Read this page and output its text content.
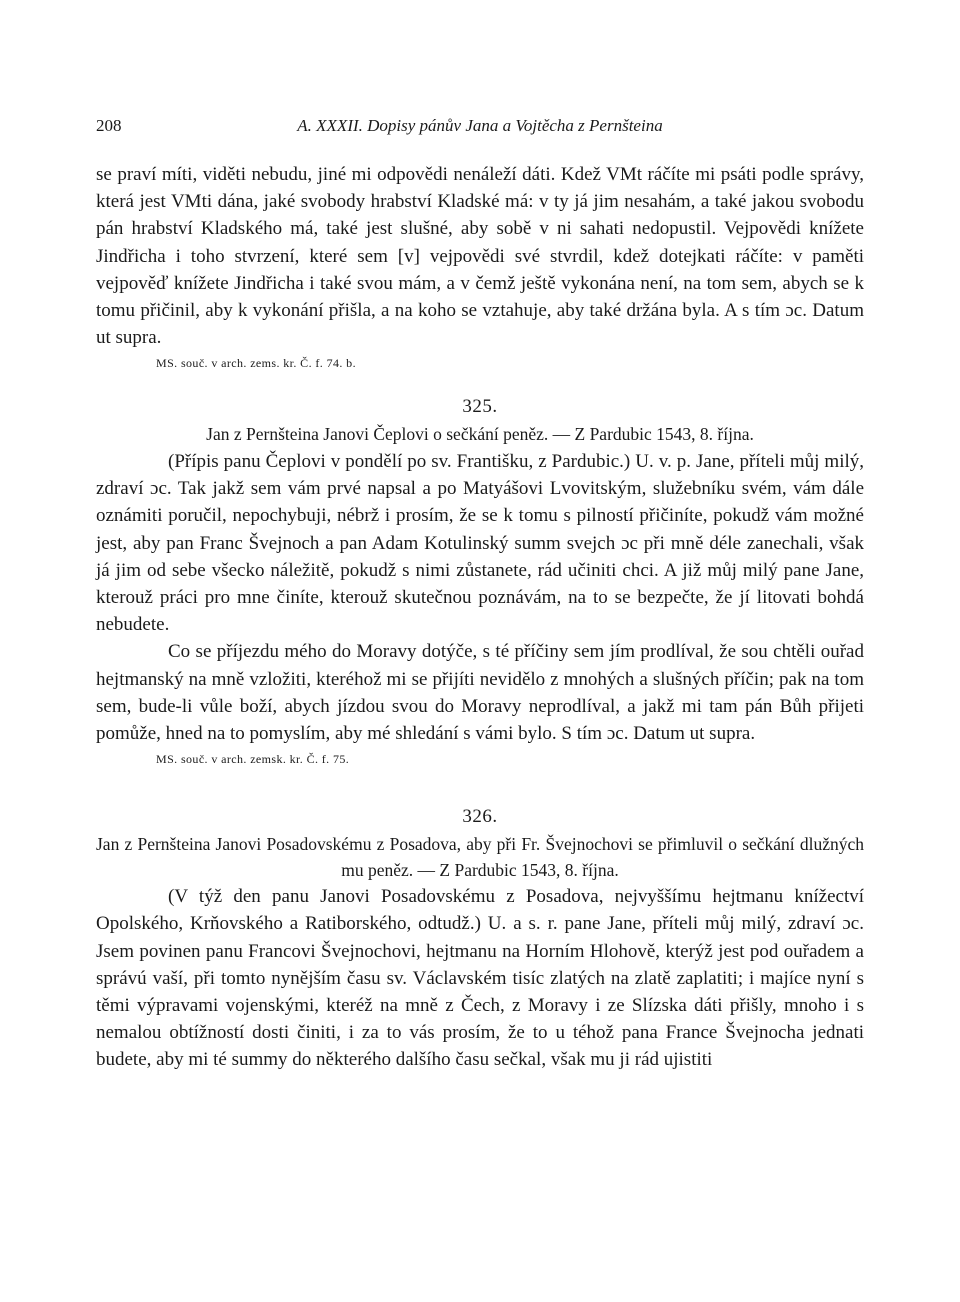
208	A. XXXII. Dopisy pánův Jana a Vojtěcha z Pernšteina

se praví míti, viděti nebudu, jiné mi odpovědi nenáleží dáti. Kdež VMt ráčíte mi psáti podle správy, která jest VMti dána, jaké svobody hrabství Kladské má: v ty já jim nesahám, a také jakou svobodu pán hrabství Kladského má, také jest slušné, aby sobě v ni sahati nedopustil. Vejpovědi knížete Jindřicha i toho stvrzení, které sem [v] vejpovědi své stvrdil, kdež dotejkati ráčíte: v paměti vejpověď knížete Jindřicha i také svou mám, a v čemž ještě vykonána není, na tom sem, abych se k tomu přičinil, aby k vykonání přišla, a na koho se vztahuje, aby také držána byla. A s tím ɔc. Datum ut supra.

MS. souč. v arch. zems. kr. Č. f. 74. b.
325.
Jan z Pernšteina Janovi Čeplovi o sečkání peněz. — Z Pardubic 1543, 8. října.

(Přípis panu Čeplovi v pondělí po sv. Františku, z Pardubic.) U. v. p. Jane, příteli můj milý, zdraví ɔc. Tak jakž sem vám prvé napsal a po Matyášovi Lvovitským, služebníku svém, vám dále oznámiti poručil, nepochybuji, nébrž i prosím, že se k tomu s pilností přičiníte, pokudž vám možné jest, aby pan Franc Švejnoch a pan Adam Kotulinský summ svejch ɔc při mně déle zanechali, však já jim od sebe všecko náležitě, pokudž s nimi zůstanete, rád učiniti chci. A již můj milý pane Jane, kterouž práci pro mne činíte, kterouž skutečnou poznávám, na to se bezpečte, že jí litovati bohdá nebudete.

Co se příjezdu mého do Moravy dotýče, s té příčiny sem jím prodlíval, že sou chtěli ouřad hejtmanský na mně vzložiti, kteréhož mi se přijíti nevidělo z mnohých a slušných příčin; pak na tom sem, bude-li vůle boží, abych jízdou svou do Moravy neprodlíval, a jakž mi tam pán Bůh přijeti pomůže, hned na to pomyslím, aby mé shledání s vámi bylo. S tím ɔc. Datum ut supra.

MS. souč. v arch. zemsk. kr. Č. f. 75.
326.
Jan z Pernšteina Janovi Posadovskému z Posadova, aby při Fr. Švejnochovi se přimluvil o sečkání dlužných mu peněz. — Z Pardubic 1543, 8. října.

(V týž den panu Janovi Posadovskému z Posadova, nejvyššímu hejtmanu knížectví Opolského, Krňovského a Ratiborského, odtudž.) U. a s. r. pane Jane, příteli můj milý, zdraví ɔc. Jsem povinen panu Francovi Švejnochovi, hejtmanu na Horním Hlohově, kterýž jest pod ouřadem a správú vaší, při tomto nynějším času sv. Václavském tisíc zlatých na zlatě zaplatiti; i majíce nyní s těmi výpravami vojenskými, kteréž na mně z Čech, z Moravy i ze Slízska dáti přišly, mnoho i s nemalou obtížností dosti činiti, i za to vás prosím, že to u téhož pana France Švejnocha jednati budete, aby mi té summy do některého dalšího času sečkal, však mu ji rád ujistiti
